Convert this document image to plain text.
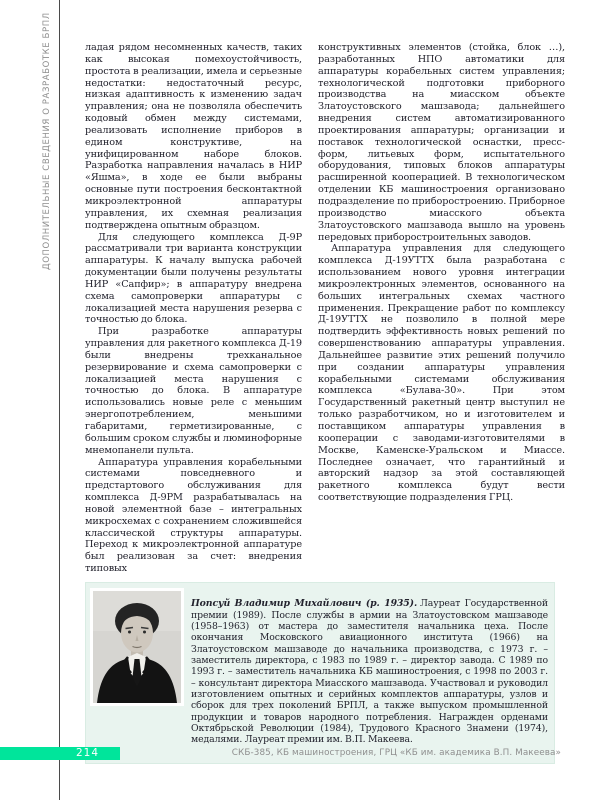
ДОПОЛНИТЕЛЬНЫЕ СВЕДЕНИЯ О РАЗРАБОТКЕ БРПЛ	ладая рядом несомненных качеств, таких как высокая помехоустойчивость, простота в реализации, имела и серьезные недостатки: недостаточный ресурс, низкая адаптивность к изменению задач управления; она не позволяла обеспечить кодовый обмен между системами, реализовать исполнение приборов в едином конструктиве, на унифицированном наборе блоков. Разработка направления началась в НИР «Яшма», в ходе ее были выбраны основные пути построения бесконтактной микроэлектронной аппаратуры управления, их схемная реализация подтверждена опытным образцом.

Для следующего комплекса Д-9Р рассматривали три варианта конструкции аппаратуры. К началу выпуска рабочей документации были получены результаты НИР «Сапфир»; в аппаратуру внедрена схема самопроверки аппаратуры с локализацией места нарушения резерва с точностью до блока.

При разработке аппаратуры управления для ракетного комплекса Д-19 были внедрены трехканальное резервирование и схема самопроверки с локализацией места нарушения с точностью до блока. В аппаратуре использовались новые реле с меньшим энергопотреблением, меньшими габаритами, герметизированные, с большим сроком службы и люминофорные мнемопанели пульта.

Аппаратура управления корабельными системами повседневного и предстартового обслуживания для комплекса Д-9РМ разрабатывалась на новой элементной базе – интегральных микросхемах с сохранением сложившейся классической структуры аппаратуры. Переход к микроэлектронной аппаратуре был реализован за счет: внедрения типовых

конструктивных элементов (стойка, блок …), разработанных НПО автоматики для аппаратуры корабельных систем управления; технологической подготовки приборного производства на миасском объекте Златоустовского машзавода; дальнейшего внедрения систем автоматизированного проектирования аппаратуры; организации и поставок технологической оснастки, пресс-форм, литьевых форм, испытательного оборудования, типовых блоков аппаратуры расширенной кооперацией. В технологическом отделении КБ машиностроения организовано подразделение по приборостроению. Приборное производство миасского объекта Златоустовского машзавода вышло на уровень передовых приборостроительных заводов.

Аппаратура управления для следующего комплекса Д-19УТТХ была разработана с использованием нового уровня интеграции микроэлектронных элементов, основанного на больших интегральных схемах частного применения. Прекращение работ по комплексу Д-19УТТХ не позволило в полной мере подтвердить эффективность новых решений по совершенствованию аппаратуры управления. Дальнейшее развитие этих решений получило при создании аппаратуры управления корабельными системами обслуживания комплекса «Булава-30». При этом Государственный ракетный центр выступил не только разработчиком, но и изготовителем и поставщиком аппаратуры управления в кооперации с заводами-изготовителями в Москве, Каменске-Уральском и Миассе. Последнее означает, что гарантийный и авторский надзор за этой составляющей ракетного комплекса будут вести соответствующие подразделения ГРЦ.

Попсуй Владимир Михайлович (р. 1935). Лауреат Государственной премии (1989). После службы в армии на Златоустовском машзаводе (1958–1963) от мастера до заместителя начальника цеха. После окончания Московского авиационного института (1966) на Златоустовском машзаводе до начальника производства, с 1973 г. – заместитель директора, с 1983 по 1989 г. – директор завода. С 1989 по 1993 г. – заместитель начальника КБ машиностроения, с 1998 по 2003 г. – консультант директора Миасского машзавода. Участвовал и руководил изготовлением опытных и серийных комплектов аппаратуры, узлов и сборок для трех поколений БРПЛ, а также выпуском промышленной продукции и товаров народного потребления. Награжден орденами Октябрьской Революции (1984), Трудового Красного Знамени (1974), медалями. Лауреат премии им. В.П. Макеева.

214	СКБ-385, КБ машиностроения, ГРЦ «КБ им. академика В.П. Макеева»
